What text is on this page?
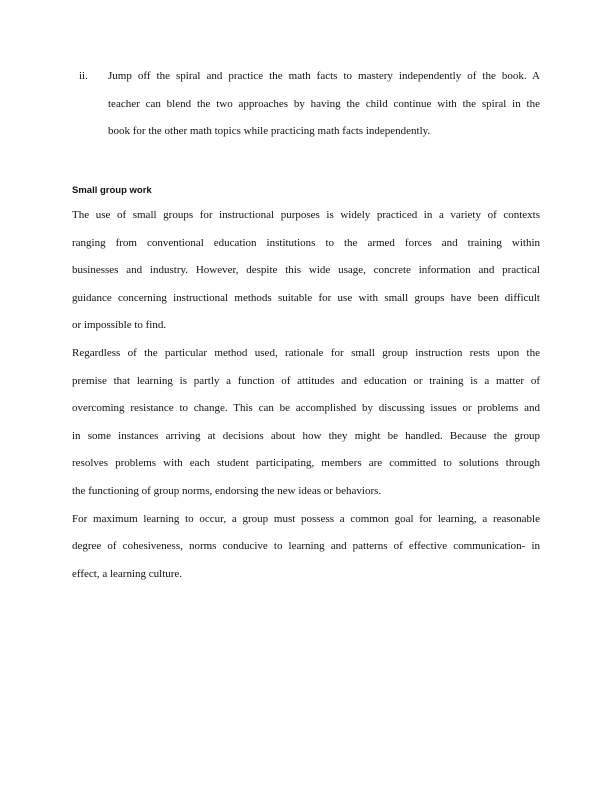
ii. Jump off the spiral and practice the math facts to mastery independently of the book. A
teacher can blend the two approaches by having the child continue with the spiral in the
book for the other math topics while practicing math facts independently.
Small group work
The use of small groups for instructional purposes is widely practiced in a variety of contexts
ranging from conventional education institutions to the armed forces and training within
businesses and industry. However, despite this wide usage, concrete information and practical
guidance concerning instructional methods suitable for use with small groups have been difficult
or impossible to find.
Regardless of the particular method used, rationale for small group instruction rests upon the
premise that learning is partly a function of attitudes and education or training is a matter of
overcoming resistance to change. This can be accomplished by discussing issues or problems and
in some instances arriving at decisions about how they might be handled. Because the group
resolves problems with each student participating, members are committed to solutions through
the functioning of group norms, endorsing the new ideas or behaviors.
For maximum learning to occur, a group must possess a common goal for learning, a reasonable
degree of cohesiveness, norms conducive to learning and patterns of effective communication- in
effect, a learning culture.
